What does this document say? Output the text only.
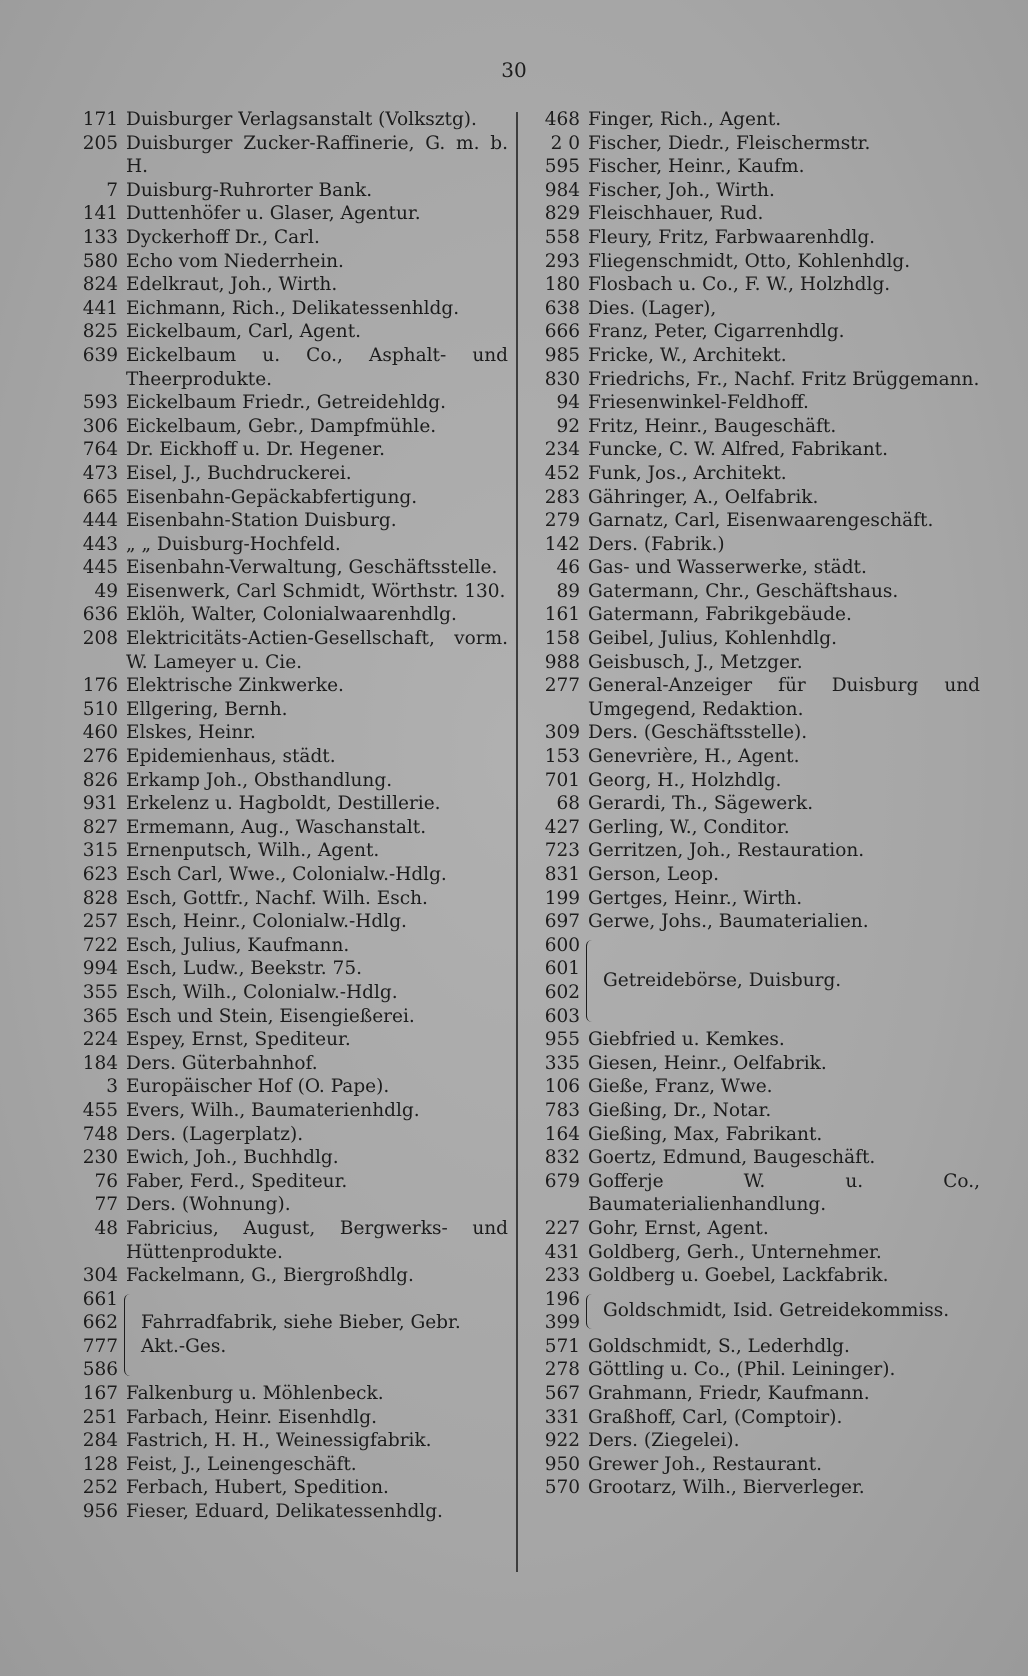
30
171 Duisburger Verlagsanstalt (Volksztg).
205 Duisburger Zucker-Raffinerie, G. m. b. H.
7 Duisburg-Ruhrorter Bank.
141 Duttenhöfer u. Glaser, Agentur.
133 Dyckerhoff Dr., Carl.
580 Echo vom Niederrhein.
824 Edelkraut, Joh., Wirth.
441 Eichmann, Rich., Delikatessenhldg.
825 Eickelbaum, Carl, Agent.
639 Eickelbaum u. Co., Asphalt- und Theerprodukte.
593 Eickelbaum Friedr., Getreidehldg.
306 Eickelbaum, Gebr., Dampfmühle.
764 Dr. Eickhoff u. Dr. Hegener.
473 Eisel, J., Buchdruckerei.
665 Eisenbahn-Gepäckabfertigung.
444 Eisenbahn-Station Duisburg.
443 „ „ Duisburg-Hochfeld.
445 Eisenbahn-Verwaltung, Geschäftsstelle.
49 Eisenwerk, Carl Schmidt, Wörthstr. 130.
636 Eklöh, Walter, Colonialwaarenhdlg.
208 Elektricitäts-Actien-Gesellschaft, vorm. W. Lameyer u. Cie.
176 Elektrische Zinkwerke.
510 Ellgering, Bernh.
460 Elskes, Heinr.
276 Epidemienhaus, städt.
826 Erkamp Joh., Obsthandlung.
931 Erkelenz u. Hagboldt, Destillerie.
827 Ermemann, Aug., Waschanstalt.
315 Ernenputsch, Wilh., Agent.
623 Esch Carl, Wwe., Colonialw.-Hdlg.
828 Esch, Gottfr., Nachf. Wilh. Esch.
257 Esch, Heinr., Colonialw.-Hdlg.
722 Esch, Julius, Kaufmann.
994 Esch, Ludw., Beekstr. 75.
355 Esch, Wilh., Colonialw.-Hdlg.
365 Esch und Stein, Eisengießerei.
224 Espey, Ernst, Spediteur.
184 Ders. Güterbahnhof.
3 Europäischer Hof (O. Pape).
455 Evers, Wilh., Baumaterienhdlg.
748 Ders. (Lagerplatz).
230 Ewich, Joh., Buchhdlg.
76 Faber, Ferd., Spediteur.
77 Ders. (Wohnung).
48 Fabricius, August, Bergwerks- und Hüttenprodukte.
304 Fackelmann, G., Biergroßhdlg.
661
662
777
586
Fahrradfabrik, siehe Bieber, Gebr. Akt.-Ges.
167 Falkenburg u. Möhlenbeck.
251 Farbach, Heinr. Eisenhdlg.
284 Fastrich, H. H., Weinessigfabrik.
128 Feist, J., Leinengeschäft.
252 Ferbach, Hubert, Spedition.
956 Fieser, Eduard, Delikatessenhdlg.
468 Finger, Rich., Agent.
2 0 Fischer, Diedr., Fleischermstr.
595 Fischer, Heinr., Kaufm.
984 Fischer, Joh., Wirth.
829 Fleischhauer, Rud.
558 Fleury, Fritz, Farbwaarenhdlg.
293 Fliegenschmidt, Otto, Kohlenhdlg.
180 Flosbach u. Co., F. W., Holzhdlg.
638 Dies. (Lager),
666 Franz, Peter, Cigarrenhdlg.
985 Fricke, W., Architekt.
830 Friedrichs, Fr., Nachf. Fritz Brüggemann.
94 Friesenwinkel-Feldhoff.
92 Fritz, Heinr., Baugeschäft.
234 Funcke, C. W. Alfred, Fabrikant.
452 Funk, Jos., Architekt.
283 Gähringer, A., Oelfabrik.
279 Garnatz, Carl, Eisenwaarengeschäft.
142 Ders. (Fabrik.)
46 Gas- und Wasserwerke, städt.
89 Gatermann, Chr., Geschäftshaus.
161 Gatermann, Fabrikgebäude.
158 Geibel, Julius, Kohlenhdlg.
988 Geisbusch, J., Metzger.
277 General-Anzeiger für Duisburg und Umgegend, Redaktion.
309 Ders. (Geschäftsstelle).
153 Genevrière, H., Agent.
701 Georg, H., Holzhdlg.
68 Gerardi, Th., Sägewerk.
427 Gerling, W., Conditor.
723 Gerritzen, Joh., Restauration.
831 Gerson, Leop.
199 Gertges, Heinr., Wirth.
697 Gerwe, Johs., Baumaterialien.
600
601
602
603
Getreidebörse, Duisburg.
955 Giebfried u. Kemkes.
335 Giesen, Heinr., Oelfabrik.
106 Gieße, Franz, Wwe.
783 Gießing, Dr., Notar.
164 Gießing, Max, Fabrikant.
832 Goertz, Edmund, Baugeschäft.
679 Gofferje W. u. Co., Baumaterialienhandlung.
227 Gohr, Ernst, Agent.
431 Goldberg, Gerh., Unternehmer.
233 Goldberg u. Goebel, Lackfabrik.
196
399
Goldschmidt, Isid. Getreidekommiss.
571 Goldschmidt, S., Lederhdlg.
278 Göttling u. Co., (Phil. Leininger).
567 Grahmann, Friedr, Kaufmann.
331 Graßhoff, Carl, (Comptoir).
922 Ders. (Ziegelei).
950 Grewer Joh., Restaurant.
570 Grootarz, Wilh., Bierverleger.
